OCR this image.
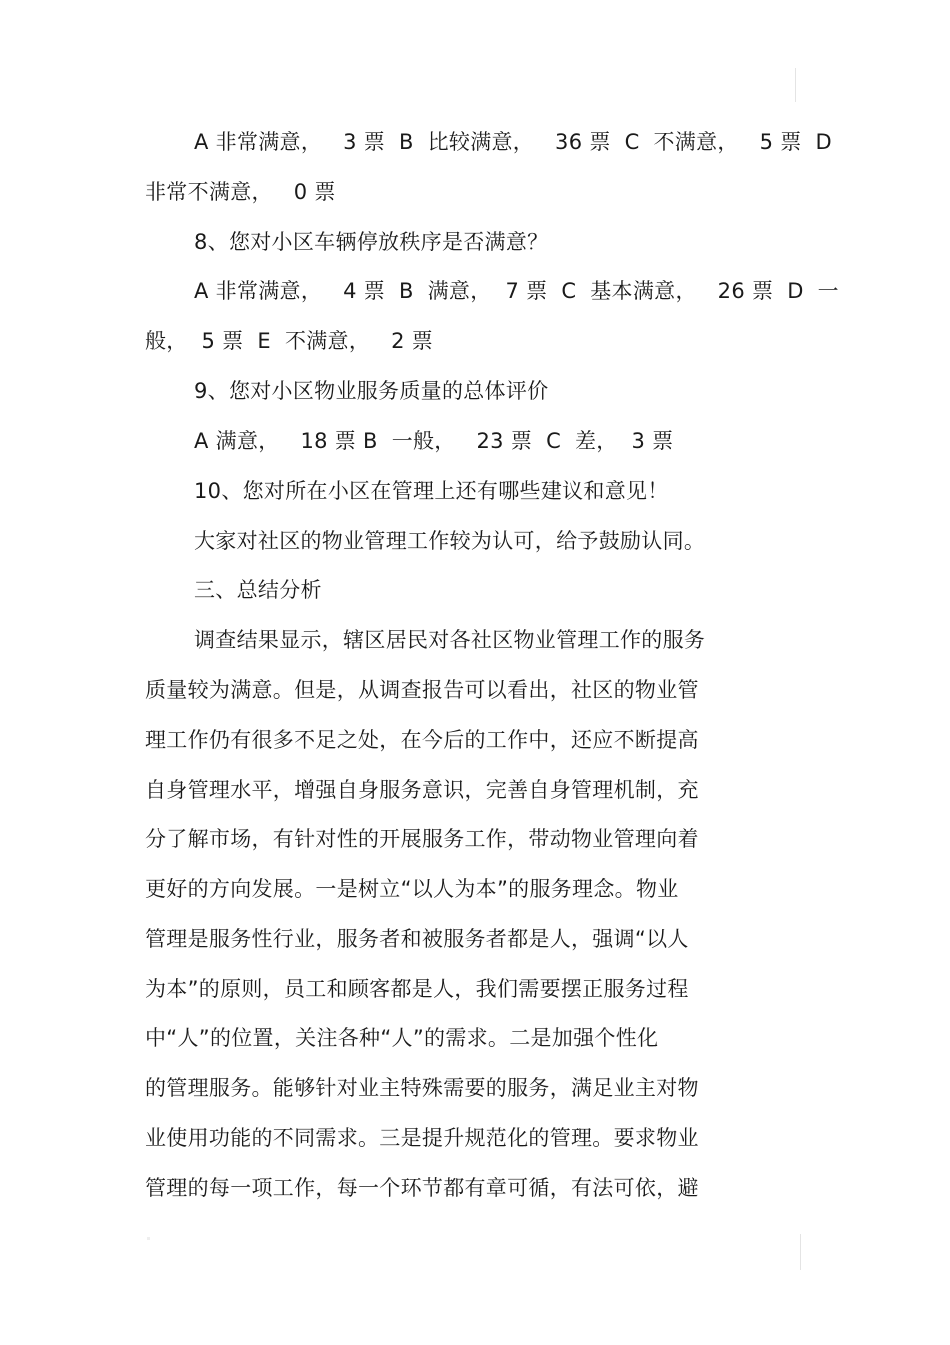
A 非常满意，   3 票  B  比较满意，   36 票  C  不满意，   5 票  D
非常不满意，   0 票
8、您对小区车辆停放秩序是否满意？
A 非常满意，   4 票  B  满意，  7 票  C  基本满意，   26 票  D  一
般，  5 票  E  不满意，   2 票
9、您对小区物业服务质量的总体评价
A 满意，   18 票 B  一般，   23 票  C  差，  3 票
10、您对所在小区在管理上还有哪些建议和意见！
大家对社区的物业管理工作较为认可，给予鼓励认同。
三、总结分析
调查结果显示，辖区居民对各社区物业管理工作的服务
质量较为满意。但是，从调查报告可以看出，社区的物业管
理工作仍有很多不足之处，在今后的工作中，还应不断提高
自身管理水平，增强自身服务意识，完善自身管理机制，充
分了解市场，有针对性的开展服务工作，带动物业管理向着
更好的方向发展。一是树立“以人为本”的服务理念。物业
管理是服务性行业，服务者和被服务者都是人，强调“以人
为本”的原则，员工和顾客都是人，我们需要摆正服务过程
中“人”的位置，关注各种“人”的需求。二是加强个性化
的管理服务。能够针对业主特殊需要的服务，满足业主对物
业使用功能的不同需求。三是提升规范化的管理。要求物业
管理的每一项工作，每一个环节都有章可循，有法可依，避
